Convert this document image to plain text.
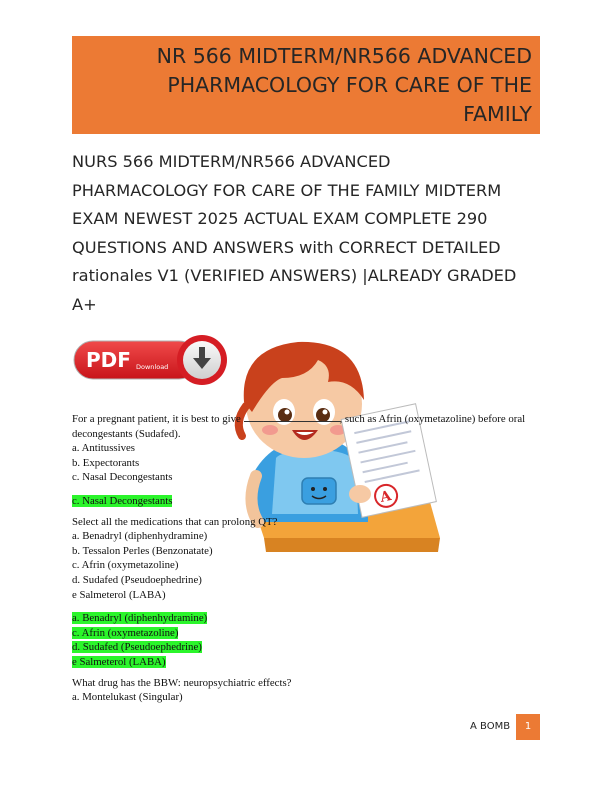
NR 566 MIDTERM/NR566 ADVANCED
PHARMACOLOGY FOR CARE OF THE
FAMILY
NURS 566 MIDTERM/NR566 ADVANCED
PHARMACOLOGY FOR CARE OF THE FAMILY MIDTERM
EXAM NEWEST 2025 ACTUAL EXAM COMPLETE 290
QUESTIONS AND ANSWERS with CORRECT DETAILED
rationales V1 (VERIFIED ANSWERS) |ALREADY GRADED
A+
PDF Download
A
For a pregnant patient, it is best to give	, such as Afrin (oxymetazoline) before oral
decongestants (Sudafed).
a. Antitussives
b. Expectorants
c. Nasal Decongestants
c. Nasal Decongestants
Select all the medications that can prolong QT?
a. Benadryl (diphenhydramine)
b. Tessalon Perles (Benzonatate)
c. Afrin (oxymetazoline)
d. Sudafed (Pseudoephedrine)
e Salmeterol (LABA)
a. Benadryl (diphenhydramine)
c. Afrin (oxymetazoline)
d. Sudafed (Pseudoephedrine)
e Salmeterol (LABA)
What drug has the BBW: neuropsychiatric effects?
a. Montelukast (Singular)
A BOMB	1
